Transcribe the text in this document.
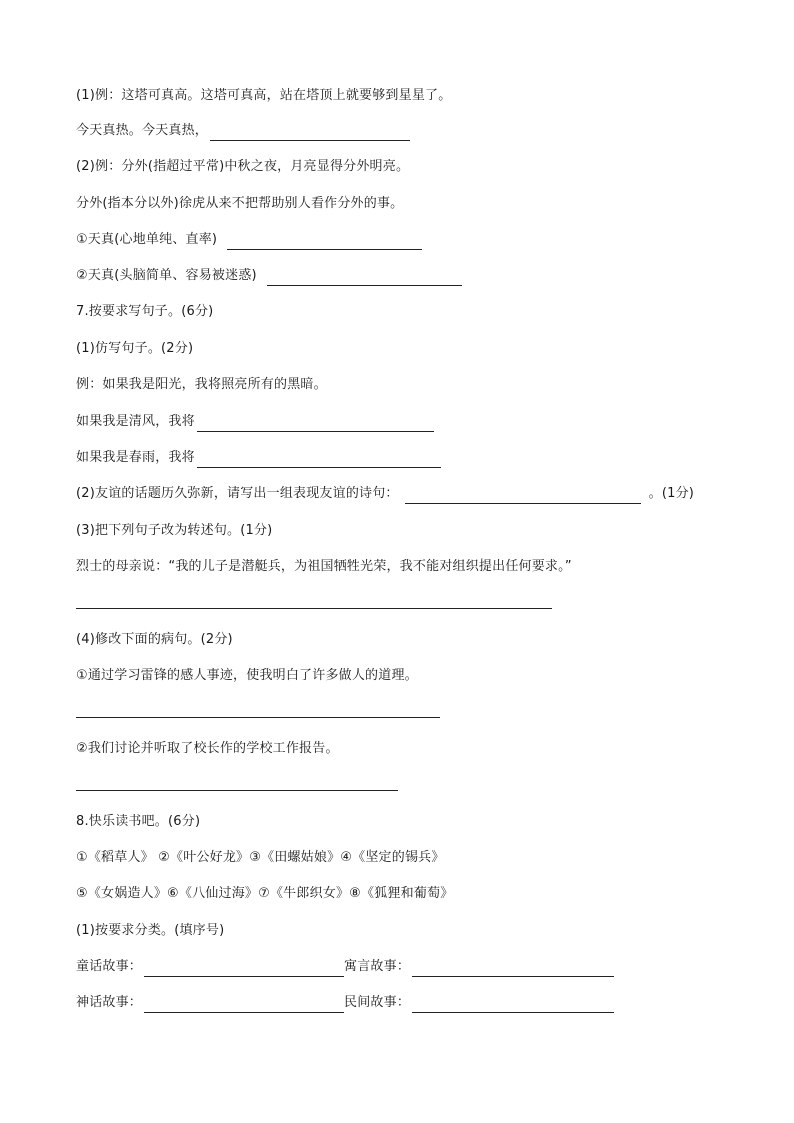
(1)例：这塔可真高。这塔可真高，站在塔顶上就要够到星星了。
今天真热。今天真热，
(2)例：分外(指超过平常)中秋之夜，月亮显得分外明亮。
分外(指本分以外)徐虎从来不把帮助别人看作分外的事。
①天真(心地单纯、直率)
②天真(头脑简单、容易被迷惑)
7.按要求写句子。(6分)
(1)仿写句子。(2分)
例：如果我是阳光，我将照亮所有的黑暗。
如果我是清风，我将
如果我是春雨，我将
(2)友谊的话题历久弥新，请写出一组表现友谊的诗句：	。(1分)
(3)把下列句子改为转述句。(1分)
烈士的母亲说：“我的儿子是潜艇兵，为祖国牺牲光荣，我不能对组织提出任何要求。”
(4)修改下面的病句。(2分)
①通过学习雷锋的感人事迹，使我明白了许多做人的道理。
②我们讨论并听取了校长作的学校工作报告。
8.快乐读书吧。(6分)
①《稻草人》 ②《叶公好龙》③《田螺姑娘》④《坚定的锡兵》
⑤《女娲造人》⑥《八仙过海》⑦《牛郎织女》⑧《狐狸和葡萄》
(1)按要求分类。(填序号)
童话故事：	寓言故事：
神话故事：	民间故事：
